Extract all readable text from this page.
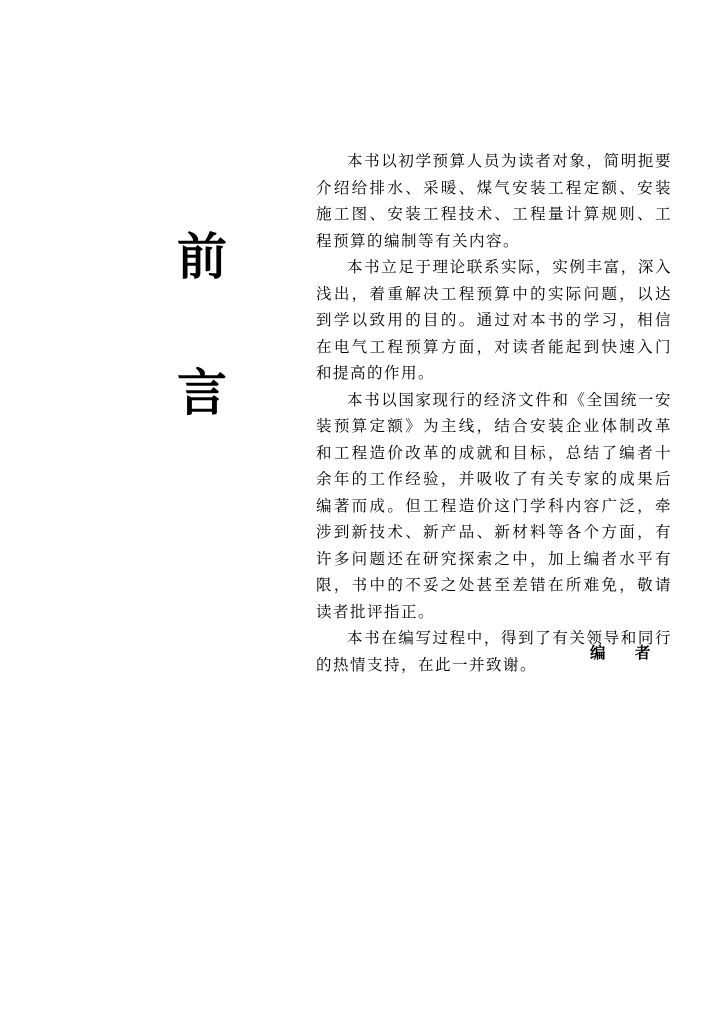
前
言

本书以初学预算人员为读者对象，简明扼要介绍给排水、采暖、煤气安装工程定额、安装施工图、安装工程技术、工程量计算规则、工程预算的编制等有关内容。

本书立足于理论联系实际，实例丰富，深入浅出，着重解决工程预算中的实际问题，以达到学以致用的目的。通过对本书的学习，相信在电气工程预算方面，对读者能起到快速入门和提高的作用。

本书以国家现行的经济文件和《全国统一安装预算定额》为主线，结合安装企业体制改革和工程造价改革的成就和目标，总结了编者十余年的工作经验，并吸收了有关专家的成果后编著而成。但工程造价这门学科内容广泛，牵涉到新技术、新产品、新材料等各个方面，有许多问题还在研究探索之中，加上编者水平有限，书中的不妥之处甚至差错在所难免，敬请读者批评指正。

本书在编写过程中，得到了有关领导和同行的热情支持，在此一并致谢。

编 者
